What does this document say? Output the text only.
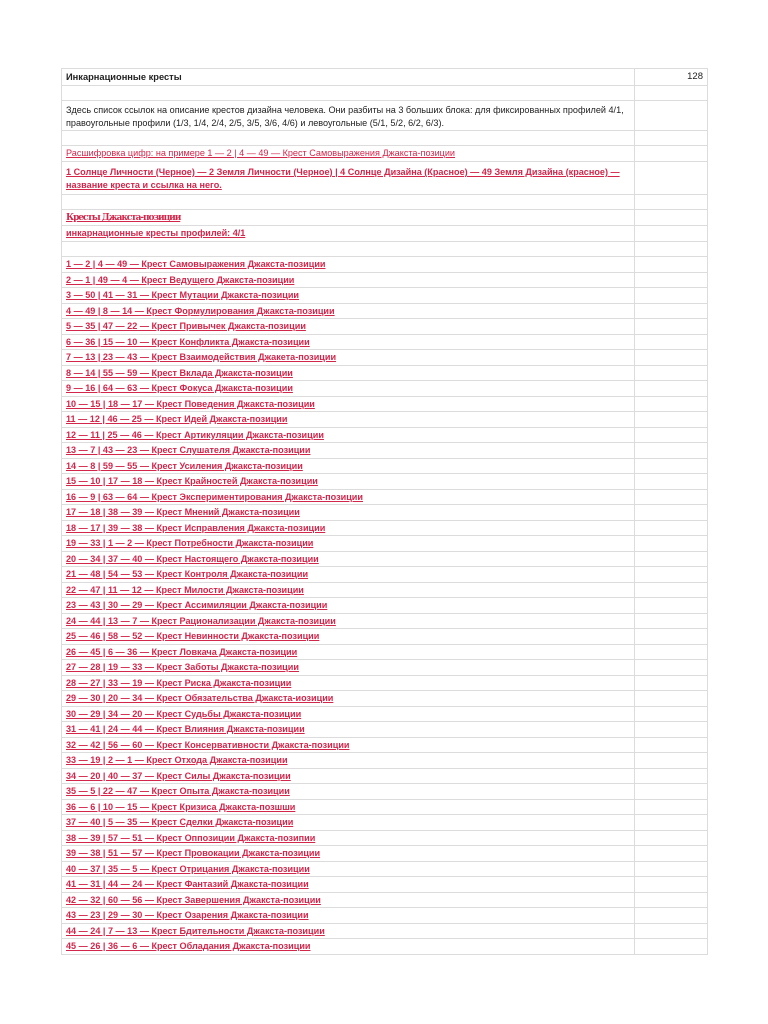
Инкарнационные кресты	128
Здесь список ссылок на описание крестов дизайна человека. Они разбиты на 3 больших блока: для фиксированных профилей 4/1, правоугольные профили (1/3, 1/4, 2/4, 2/5, 3/5, 3/6, 4/6) и левоугольные (5/1, 5/2, 6/2, 6/3).
Расшифровка цифр: на примере 1 — 2 | 4 — 49 — Крест Самовыражения Джакста-позиции
1 Солнце Личности (Черное) — 2 Земля Личности (Черное) | 4 Солнце Дизайна (Красное) — 49 Земля Дизайна (красное) — название креста и ссылка на него.
Кресты Джакста-позиции
инкарнационные кресты профилей: 4/1
1 — 2 | 4 — 49 — Крест Самовыражения Джакста-позиции
2 — 1 | 49 — 4 — Крест Ведущего Джакста-позиции
3 — 50 | 41 — 31 — Крест Мутации Джакста-позиции
4 — 49 | 8 — 14 — Крест Формулирования Джакста-позиции
5 — 35 | 47 — 22 — Крест Привычек Джакста-позиции
6 — 36 | 15 — 10 — Крест Конфликта Джакста-позиции
7 — 13 | 23 — 43 — Крест Взаимодействия Джакета-позиции
8 — 14 | 55 — 59 — Крест Вклада Джакста-позиции
9 — 16 | 64 — 63 — Крест Фокуса Джакста-позиции
10 — 15 | 18 — 17 — Крест Поведения Джакста-позиции
11 — 12 | 46 — 25 — Крест Идей Джакста-позиции
12 — 11 | 25 — 46 — Крест Артикуляции Джакста-позиции
13 — 7 | 43 — 23 — Крест Слушателя Джакста-позиции
14 — 8 | 59 — 55 — Крест Усиления Джакста-позиции
15 — 10 | 17 — 18 — Крест Крайностей Джакста-позиции
16 — 9 | 63 — 64 — Крест Экспериментирования Джакста-позиции
17 — 18 | 38 — 39 — Крест Мнений Джакста-позиции
18 — 17 | 39 — 38 — Крест Исправления Джакста-позиции
19 — 33 | 1 — 2 — Крест Потребности Джакста-позиции
20 — 34 | 37 — 40 — Крест Настоящего Джакста-позиции
21 — 48 | 54 — 53 — Крест Контроля Джакста-позиции
22 — 47 | 11 — 12 — Крест Милости Джакста-позиции
23 — 43 | 30 — 29 — Крест Ассимиляции Джакста-позиции
24 — 44 | 13 — 7 — Крест Рационализации Джакста-позиции
25 — 46 | 58 — 52 — Крест Невинности Джакста-позиции
26 — 45 | 6 — 36 — Крест Ловкача Джакста-позиции
27 — 28 | 19 — 33 — Крест Заботы Джакста-позиции
28 — 27 | 33 — 19 — Крест Риска Джакста-позиции
29 — 30 | 20 — 34 — Крест Обязательства Джакста-иозиции
30 — 29 | 34 — 20 — Крест Судьбы Джакста-позиции
31 — 41 | 24 — 44 — Крест Влияния Джакста-позиции
32 — 42 | 56 — 60 — Крест Консервативности Джакста-позиции
33 — 19 | 2 — 1 — Крест Отхода Джакста-позиции
34 — 20 | 40 — 37 — Крест Силы Джакста-позиции
35 — 5 | 22 — 47 — Крест Опыта Джакста-позиции
36 — 6 | 10 — 15 — Крест Кризиса Джакста-позшши
37 — 40 | 5 — 35 — Крест Сделки Джакста-позиции
38 — 39 | 57 — 51 — Крест Оппозиции Джакста-позипии
39 — 38 | 51 — 57 — Крест Провокации Джакста-позиции
40 — 37 | 35 — 5 — Крест Отрицания Джакста-позиции
41 — 31 | 44 — 24 — Крест Фантазий Джакста-позиции
42 — 32 | 60 — 56 — Крест Завершения Джакста-позиции
43 — 23 | 29 — 30 — Крест Озарения Джакста-позиции
44 — 24 | 7 — 13 — Крест Бдительности Джакста-позиции
45 — 26 | 36 — 6 — Крест Обладания Джакста-позиции
